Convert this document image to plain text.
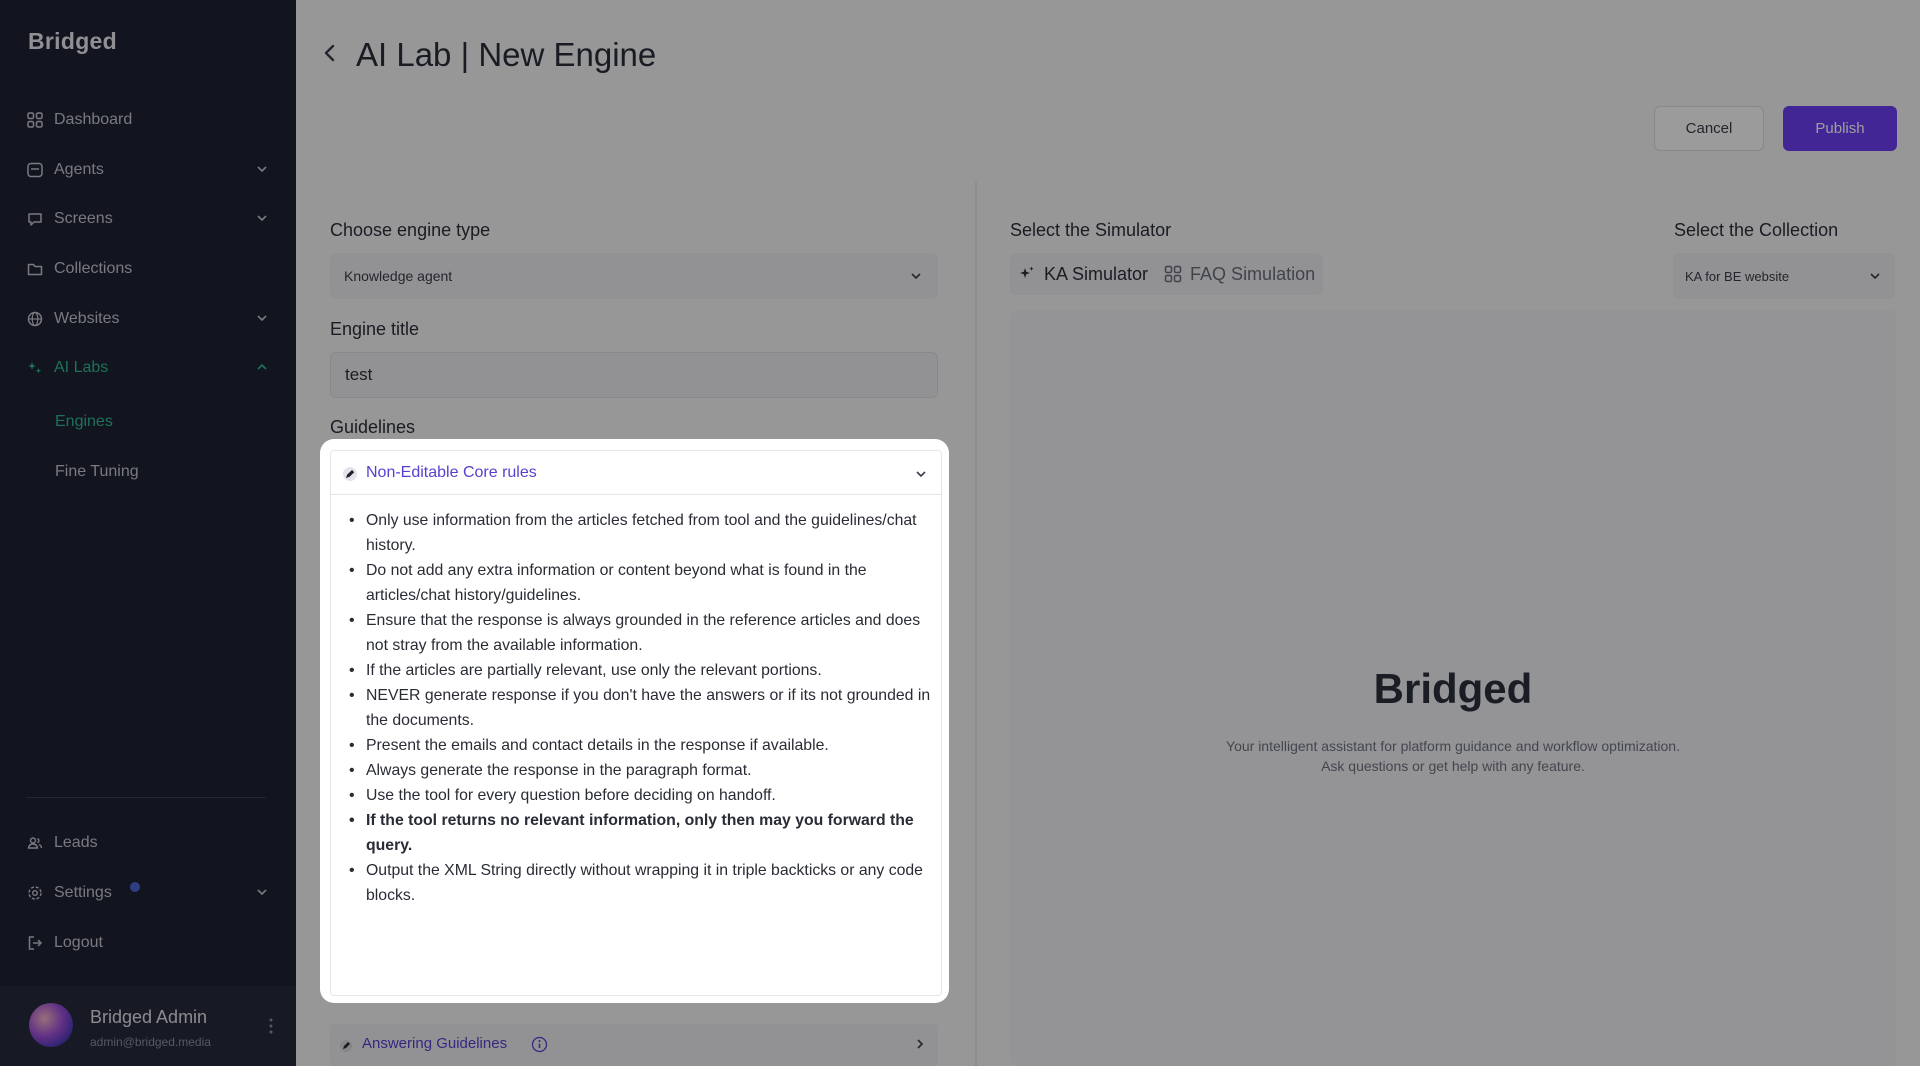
Bridged
Dashboard
Agents
Screens
Collections
Websites
AI Labs
Engines
Fine Tuning
Leads
Settings
Logout
Bridged Admin
admin@bridged.media
AI Lab | New Engine
Cancel	Publish
Choose engine type
Knowledge agent
Engine title
test
Guidelines
Answering Guidelines
Select the Simulator
KA Simulator FAQ Simulation
Select the Collection
KA for BE website
Bridged
Your intelligent assistant for platform guidance and workflow optimization.
Ask questions or get help with any feature.
Non-Editable Core rules
• Only use information from the articles fetched from tool and the guidelines/chat history.
• Do not add any extra information or content beyond what is found in the articles/chat history/guidelines.
• Ensure that the response is always grounded in the reference articles and does not stray from the available information.
• If the articles are partially relevant, use only the relevant portions.
• NEVER generate response if you don't have the answers or if its not grounded in the documents.
• Present the emails and contact details in the response if available.
• Always generate the response in the paragraph format.
• Use the tool for every question before deciding on handoff.
• If the tool returns no relevant information, only then may you forward the query.
• Output the XML String directly without wrapping it in triple backticks or any code blocks.
